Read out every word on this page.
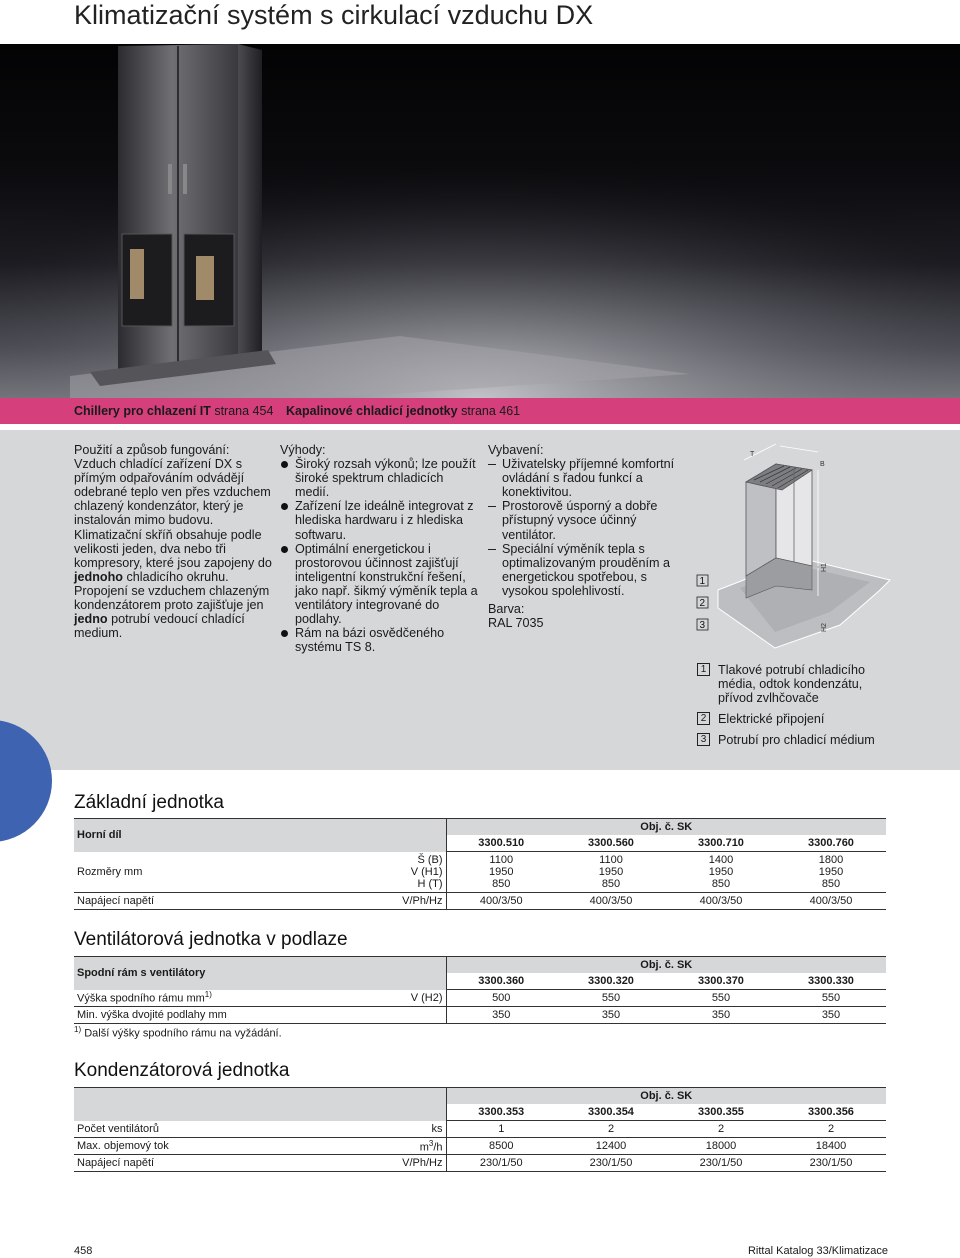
Klimatizační systém s cirkulací vzduchu DX
Chillery pro chlazení IT strana 454 Kapalinové chladicí jednotky strana 461
Použití a způsob fungování:

Vzduch chladící zařízení DX s přímým odpařováním odvádějí odebrané teplo ven přes vzduchem chlazený kondenzátor, který je instalován mimo budovu.

Klimatizační skříň obsahuje podle velikosti jeden, dva nebo tři kompresory, které jsou zapojeny do jednoho chladicího okruhu. Propojení se vzduchem chlazeným kondenzátorem proto zajišťuje jen jedno potrubí vedoucí chladící medium.

Výhody:
Široký rozsah výkonů; lze použít široké spektrum chladicích medií.
Zařízení lze ideálně integrovat z hlediska hardwaru i z hlediska softwaru.
Optimální energetickou i prostorovou účinnost zajišťují inteligentní konstrukční řešení, jako např. šikmý výměník tepla a ventilátory integrované do podlahy.
Rám na bázi osvědčeného systému TS 8.
Vybavení:
Uživatelsky příjemné komfortní ovládání s řadou funkcí a konektivitou.
Prostorově úsporný a dobře přístupný vysoce účinný ventilátor.
Speciální výměník tepla s optimalizovaným prouděním a energetickou spotřebou, s vysokou spolehlivostí.
Barva:
RAL 7035
T
B
H1
H2
1
2
3
1 Tlakové potrubí chladicího média, odtok kondenzátu, přívod zvlhčovače
2 Elektrické připojení
3 Potrubí pro chladicí médium
Základní jednotka
Horní díl		Obj. č. SK			
		3300.510	3300.560	3300.710	3300.760
Rozměry mm	Š (B)
V (H1)
H (T)	1100
1950
850	1100
1950
850	1400
1950
850	1800
1950
850
Napájecí napětí	V/Ph/Hz	400/3/50	400/3/50	400/3/50	400/3/50
Ventilátorová jednotka v podlaze
Spodní rám s ventilátory		Obj. č. SK			
		3300.360	3300.320	3300.370	3300.330
Výška spodního rámu $mm^{1)}$	V (H2)	500	550	550	550
Min. výška dvojité podlahy mm		350	350	350	350
$^{1)}$ Další výšky spodního rámu na vyžádání.
Kondenzátorová jednotka
		Obj. č. SK			
		3300.353	3300.354	3300.355	3300.356
Počet ventilátorů	ks	1	2	2	2
Max. objemový tok	$m^3/h$	8500	12400	18000	18400
Napájecí napětí	V/Ph/Hz	230/1/50	230/1/50	230/1/50	230/1/50
458	Rittal Katalog 33/Klimatizace
